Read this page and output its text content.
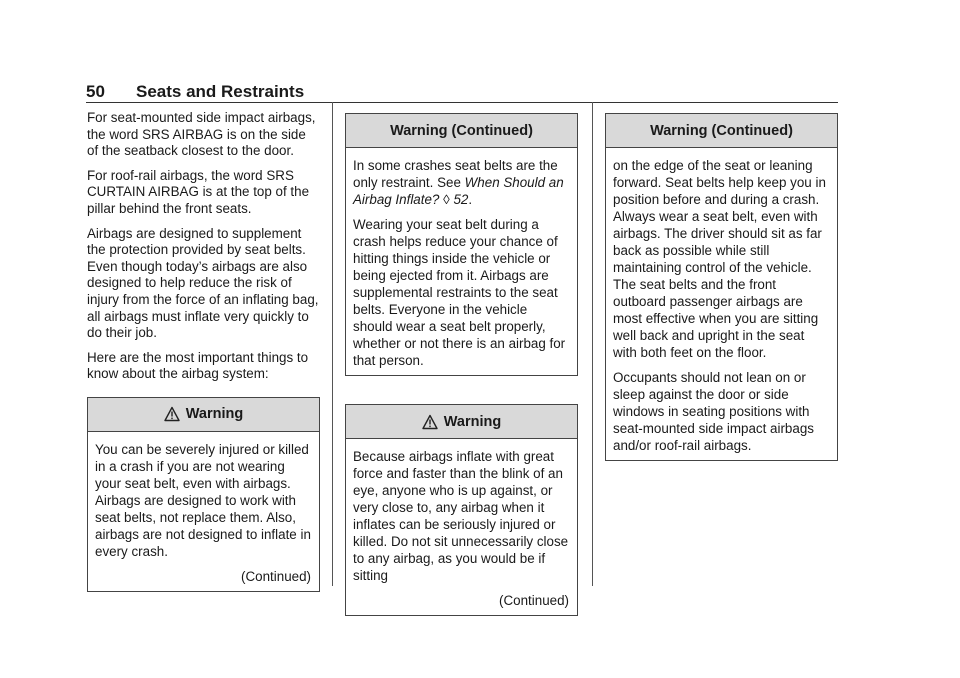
50 Seats and Restraints

For seat-mounted side impact airbags, the word SRS AIRBAG is on the side of the seatback closest to the door.

For roof-rail airbags, the word SRS CURTAIN AIRBAG is at the top of the pillar behind the front seats.

Airbags are designed to supplement the protection provided by seat belts. Even though today’s airbags are also designed to help reduce the risk of injury from the force of an inflating bag, all airbags must inflate very quickly to do their job.

Here are the most important things to know about the airbag system:

Warning

You can be severely injured or killed in a crash if you are not wearing your seat belt, even with airbags. Airbags are designed to work with seat belts, not replace them. Also, airbags are not designed to inflate in every crash.

(Continued)
Warning (Continued)

In some crashes seat belts are the only restraint. See When Should an Airbag Inflate? ◊ 52.

Wearing your seat belt during a crash helps reduce your chance of hitting things inside the vehicle or being ejected from it. Airbags are supplemental restraints to the seat belts. Everyone in the vehicle should wear a seat belt properly, whether or not there is an airbag for that person.

Warning

Because airbags inflate with great force and faster than the blink of an eye, anyone who is up against, or very close to, any airbag when it inflates can be seriously injured or killed. Do not sit unnecessarily close to any airbag, as you would be if sitting

(Continued)
Warning (Continued)

on the edge of the seat or leaning forward. Seat belts help keep you in position before and during a crash. Always wear a seat belt, even with airbags. The driver should sit as far back as possible while still maintaining control of the vehicle. The seat belts and the front outboard passenger airbags are most effective when you are sitting well back and upright in the seat with both feet on the floor.

Occupants should not lean on or sleep against the door or side windows in seating positions with seat-mounted side impact airbags and/or roof-rail airbags.
